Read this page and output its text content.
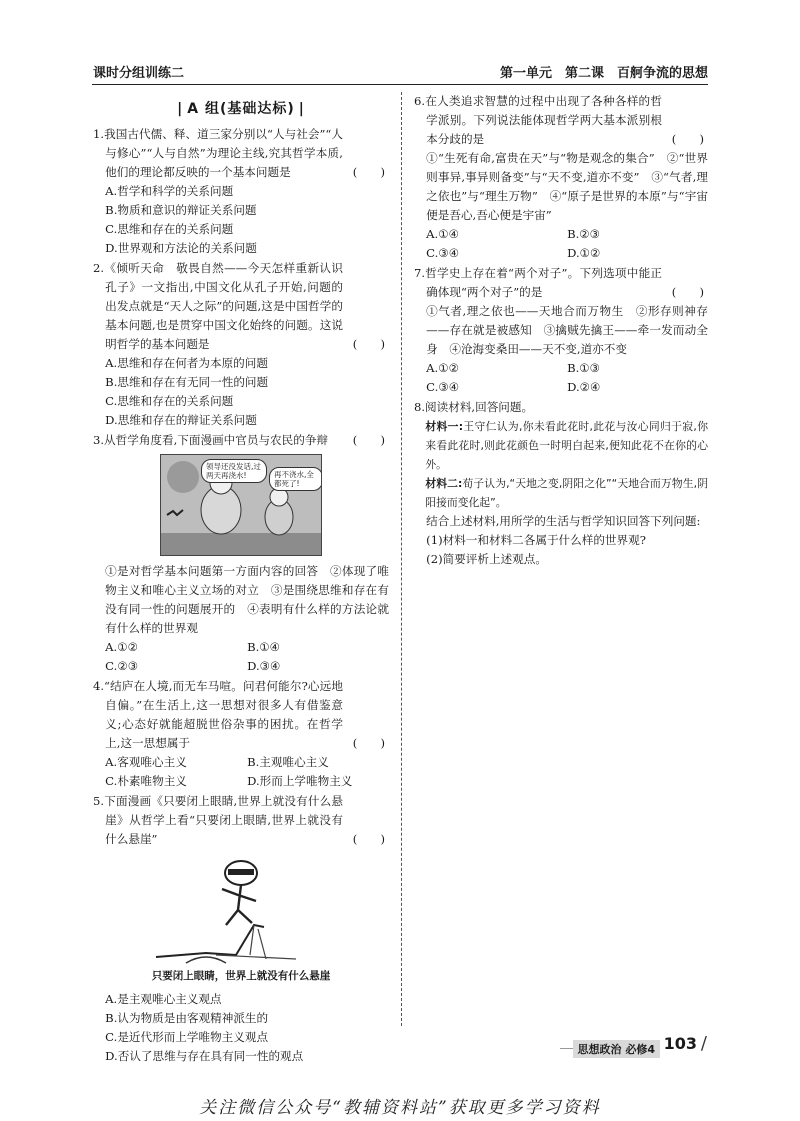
课时分组训练二	第一单元　第二课　百舸争流的思想
| A 组(基础达标) |
1.我国古代儒、释、道三家分别以“人与社会”“人与修心”“人与自然”为理论主线,究其哲学本质,他们的理论都反映的一个基本问题是	(　　)
A.哲学和科学的关系问题
B.物质和意识的辩证关系问题
C.思维和存在的关系问题
D.世界观和方法论的关系问题
2.《倾听天命　敬畏自然——今天怎样重新认识孔子》一文指出,中国文化从孔子开始,问题的出发点就是“天人之际”的问题,这是中国哲学的基本问题,也是贯穿中国文化始终的问题。这说明哲学的基本问题是	(　　)
A.思维和存在何者为本原的问题
B.思维和存在有无同一性的问题
C.思维和存在的关系问题
D.思维和存在的辩证关系问题
3.从哲学角度看,下面漫画中官员与农民的争辩 (　　)
领导还没发话,过两天再浇水!	再不浇水,全都死了!
①是对哲学基本问题第一方面内容的回答　②体现了唯物主义和唯心主义立场的对立　③是围绕思维和存在有没有同一性的问题展开的　④表明有什么样的方法论就有什么样的世界观
A.①②	B.①④
C.②③	D.③④
4.“结庐在人境,而无车马喧。问君何能尔?心远地自偏。”在生活上,这一思想对很多人有借鉴意义;心态好就能超脱世俗杂事的困扰。在哲学上,这一思想属于	(　　)
A.客观唯心主义	B.主观唯心主义
C.朴素唯物主义	D.形而上学唯物主义
5.下面漫画《只要闭上眼睛,世界上就没有什么悬崖》从哲学上看“只要闭上眼睛,世界上就没有什么悬崖”	(　　)
只要闭上眼睛，世界上就没有什么悬崖
A.是主观唯心主义观点
B.认为物质是由客观精神派生的
C.是近代形而上学唯物主义观点
D.否认了思维与存在具有同一性的观点
6.在人类追求智慧的过程中出现了各种各样的哲学派别。下列说法能体现哲学两大基本派别根本分歧的是	(　　)
①“生死有命,富贵在天”与“物是观念的集合”　②“世界则事异,事异则备变”与“天不变,道亦不变”　③“气者,理之依也”与“理生万物”　④“原子是世界的本原”与“宇宙便是吾心,吾心便是宇宙”
A.①④	B.②③
C.③④	D.①②
7.哲学史上存在着“两个对子”。下列选项中能正确体现“两个对子”的是	(　　)
①气者,理之依也——天地合而万物生　②形存则神存——存在就是被感知　③擒贼先擒王——牵一发而动全身　④沧海变桑田——天不变,道亦不变
A.①②	B.①③
C.③④	D.②④
8.阅读材料,回答问题。
材料一:王守仁认为,你未看此花时,此花与汝心同归于寂,你来看此花时,则此花颜色一时明白起来,便知此花不在你的心外。
材料二:荀子认为,“天地之变,阴阳之化”“天地合而万物生,阴阳接而变化起”。
结合上述材料,用所学的生活与哲学知识回答下列问题:
(1)材料一和材料二各属于什么样的世界观?
(2)简要评析上述观点。
思想政治 必修4 103 /
关注微信公众号“教辅资料站”获取更多学习资料
